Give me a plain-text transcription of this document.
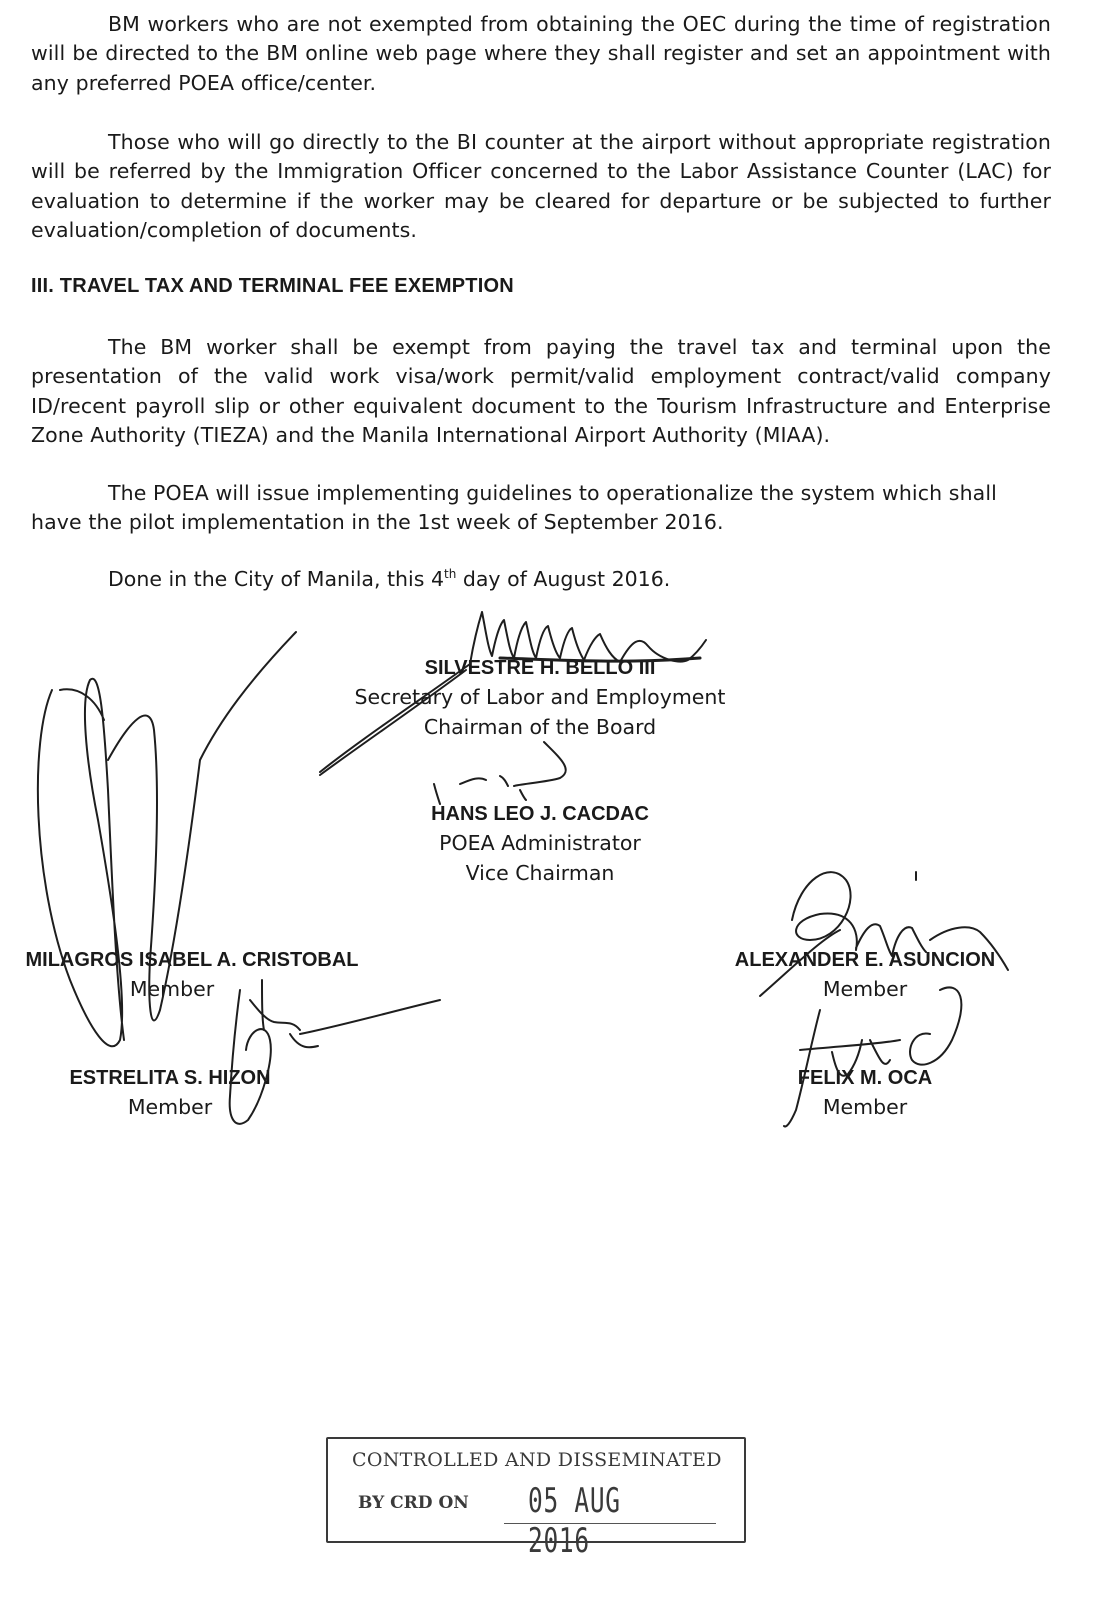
BM workers who are not exempted from obtaining the OEC during the time of registration will be directed to the BM online web page where they shall register and set an appointment with any preferred POEA office/center.

Those who will go directly to the BI counter at the airport without appropriate registration will be referred by the Immigration Officer concerned to the Labor Assistance Counter (LAC) for evaluation to determine if the worker may be cleared for departure or be subjected to further evaluation/completion of documents.

III. TRAVEL TAX AND TERMINAL FEE EXEMPTION

The BM worker shall be exempt from paying the travel tax and terminal upon the presentation of the valid work visa/work permit/valid employment contract/valid company ID/recent payroll slip or other equivalent document to the Tourism Infrastructure and Enterprise Zone Authority (TIEZA) and the Manila International Airport Authority (MIAA).

The POEA will issue implementing guidelines to operationalize the system which shall have the pilot implementation in the 1st week of September 2016.

Done in the City of Manila, this 4th day of August 2016.
SILVESTRE H. BELLO III
Secretary of Labor and Employment
Chairman of the Board
HANS LEO J. CACDAC
POEA Administrator
Vice Chairman
MILAGROS ISABEL A. CRISTOBAL
Member
ALEXANDER E. ASUNCION
Member
ESTRELITA S. HIZON
Member
FELIX M. OCA
Member
CONTROLLED AND DISSEMINATED
BY CRD ON 05 AUG 2016
